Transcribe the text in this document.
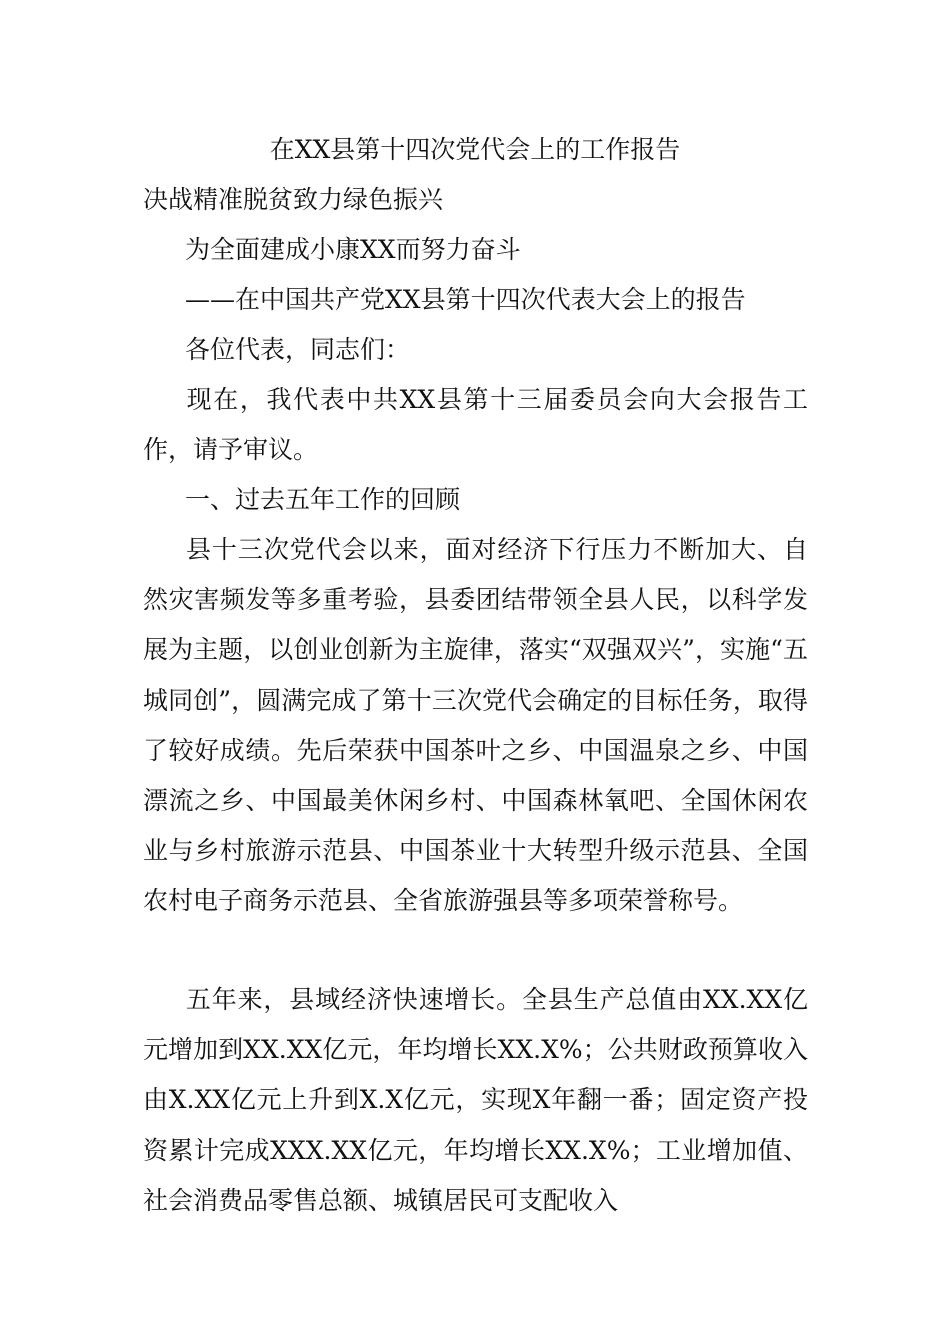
在XX县第十四次党代会上的工作报告
决战精准脱贫致力绿色振兴
为全面建成小康XX而努力奋斗
——在中国共产党XX县第十四次代表大会上的报告
各位代表，同志们：
现在，我代表中共XX县第十三届委员会向大会报告工作，请予审议。
一、过去五年工作的回顾
县十三次党代会以来，面对经济下行压力不断加大、自然灾害频发等多重考验，县委团结带领全县人民，以科学发展为主题，以创业创新为主旋律，落实“双强双兴”，实施“五城同创”，圆满完成了第十三次党代会确定的目标任务，取得了较好成绩。先后荣获中国茶叶之乡、中国温泉之乡、中国漂流之乡、中国最美休闲乡村、中国森林氧吧、全国休闲农业与乡村旅游示范县、中国茶业十大转型升级示范县、全国农村电子商务示范县、全省旅游强县等多项荣誉称号。
五年来，县域经济快速增长。全县生产总值由XX.XX亿元增加到XX.XX亿元，年均增长XX.X%；公共财政预算收入由X.XX亿元上升到X.X亿元，实现X年翻一番；固定资产投资累计完成XXX.XX亿元，年均增长XX.X%；工业增加值、社会消费品零售总额、城镇居民可支配收入
